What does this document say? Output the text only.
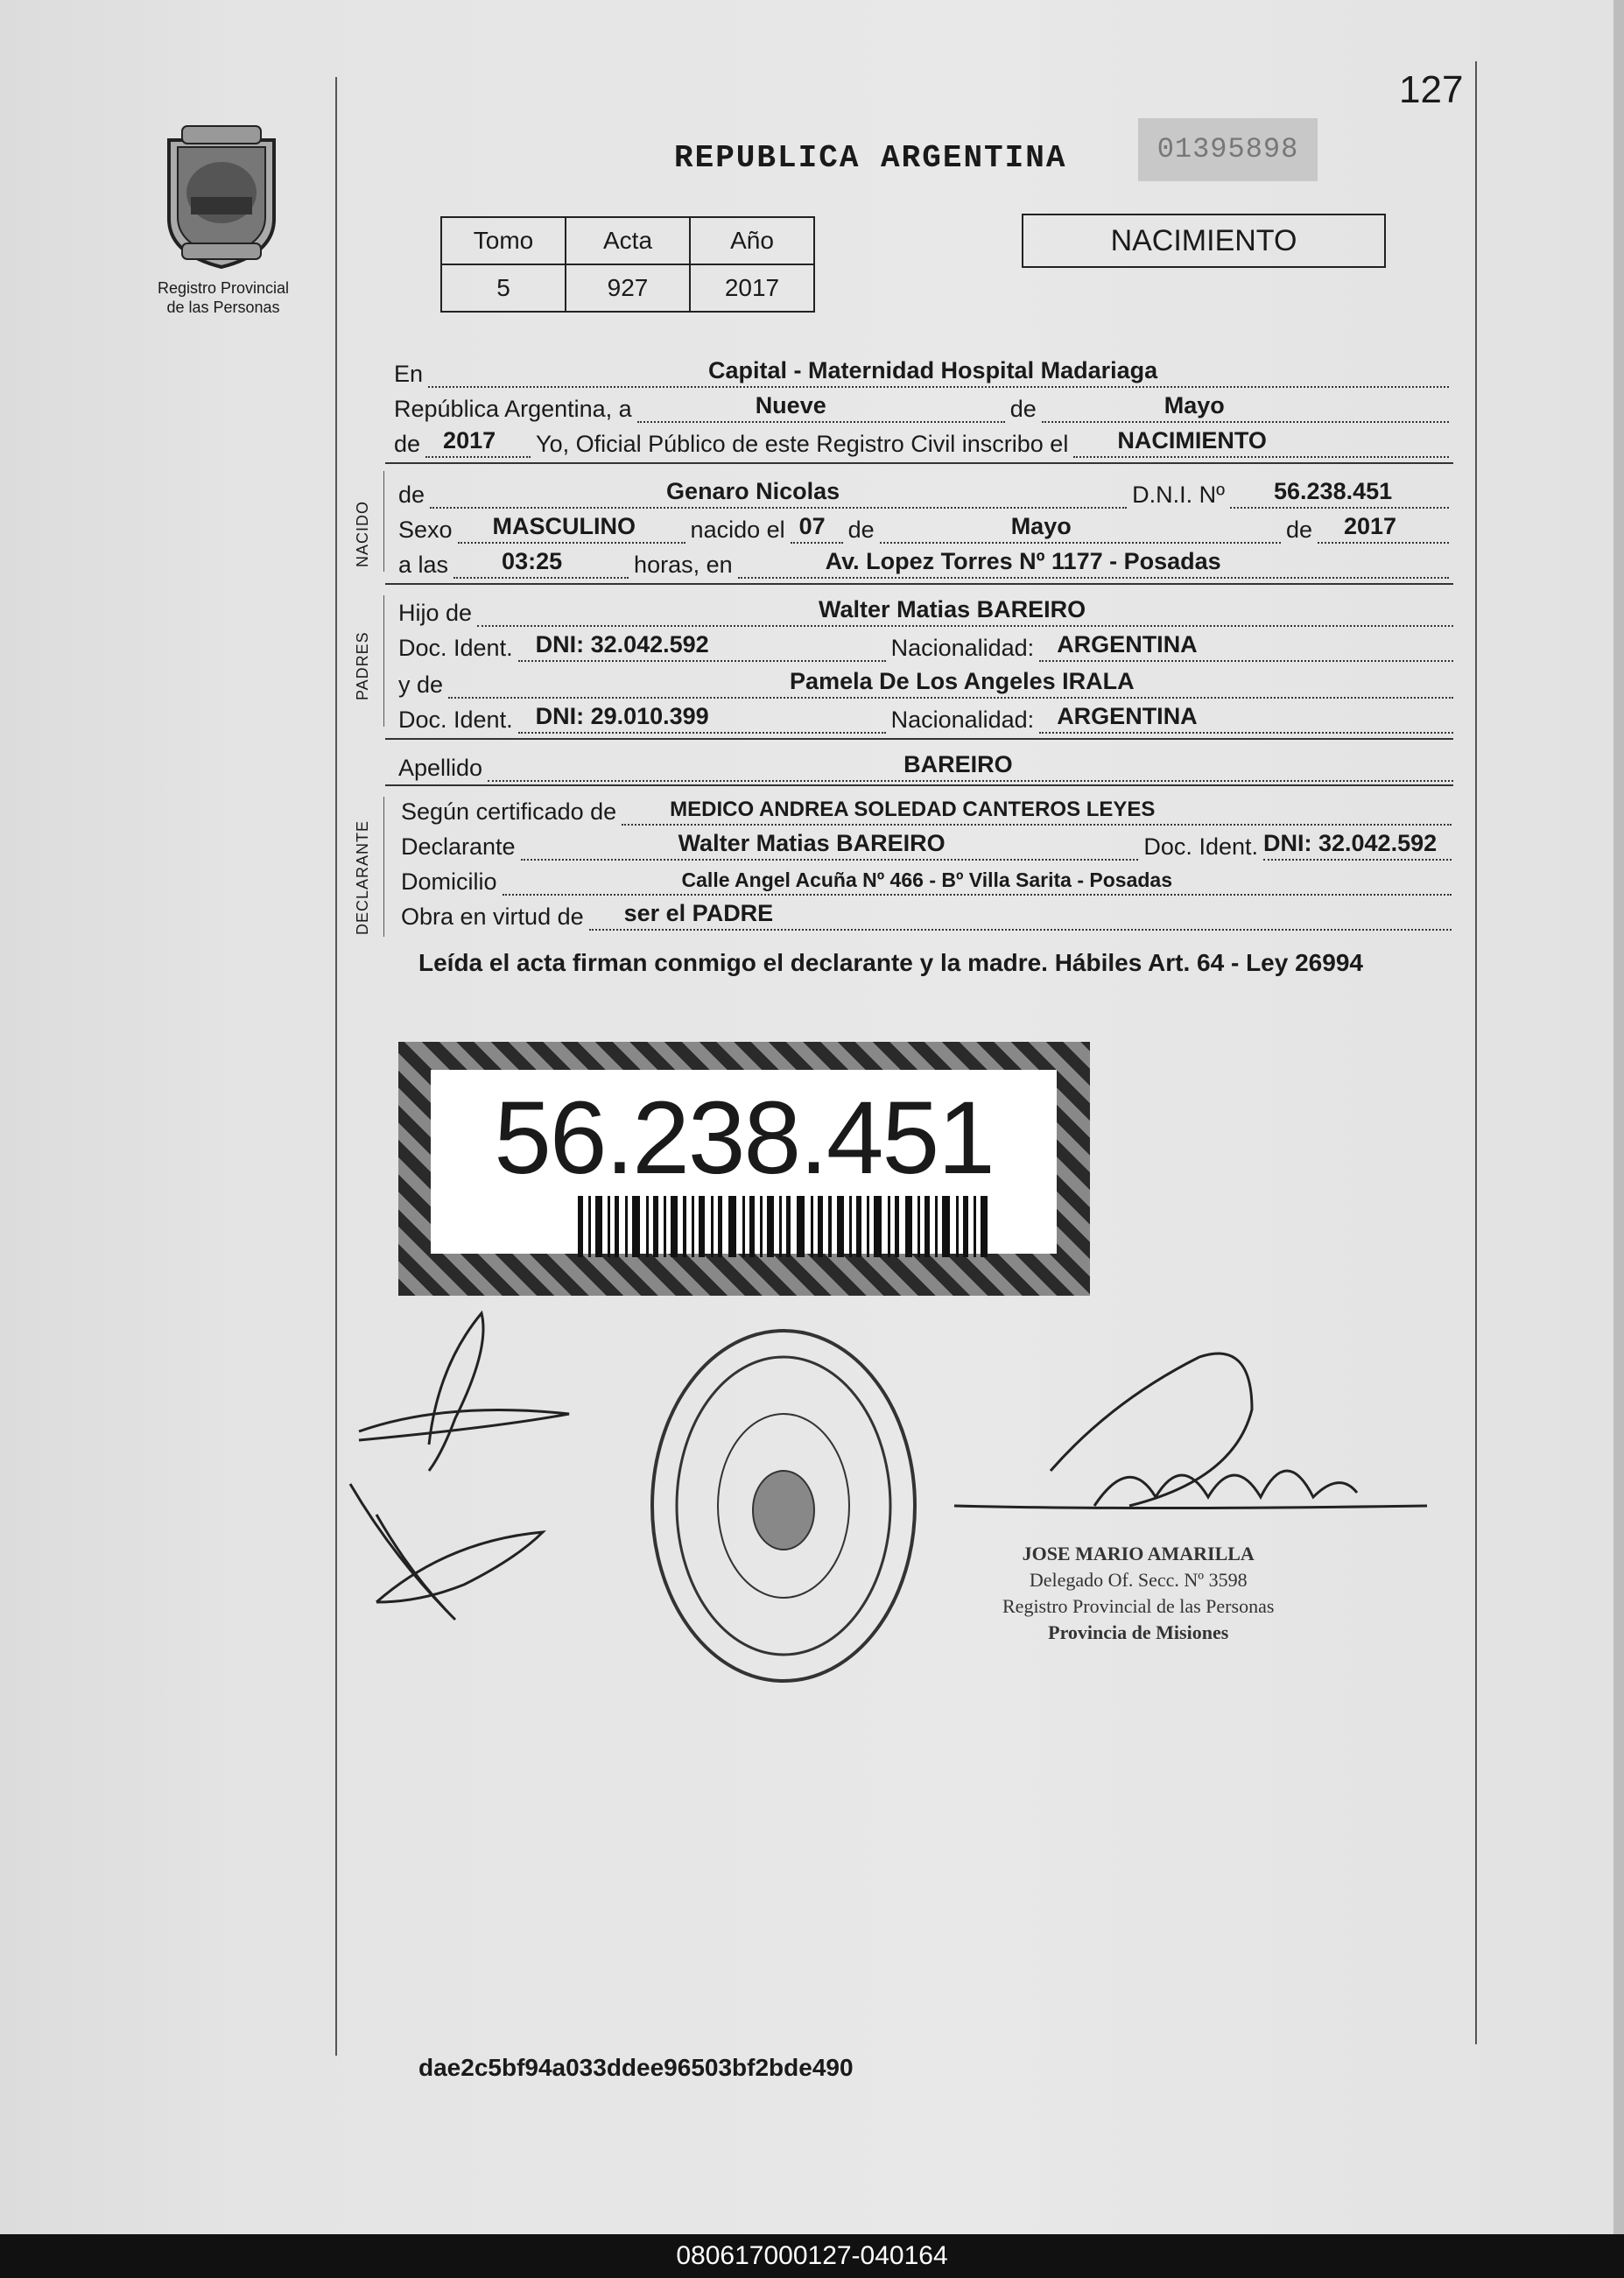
127
Registro Provincial
de las Personas
REPUBLICA ARGENTINA	01395898
Tomo	Acta	Año
5	927	2017
NACIMIENTO
En	Capital - Maternidad Hospital Madariaga
República Argentina, a	Nueve	de	Mayo
de 2017 Yo, Oficial Público de este Registro Civil inscribo el NACIMIENTO
NACIDO
de	Genaro Nicolas	D.N.I. Nº 56.238.451
Sexo MASCULINO nacido el 07 de	Mayo	de 2017
a las 03:25	horas, en	Av. Lopez Torres Nº 1177 - Posadas
PADRES
Hijo de	Walter Matias BAREIRO
Doc. Ident. DNI: 32.042.592	Nacionalidad: ARGENTINA
y de	Pamela De Los Angeles IRALA
Doc. Ident. DNI: 29.010.399	Nacionalidad: ARGENTINA
Apellido	BAREIRO
DECLARANTE
Según certificado de	MEDICO ANDREA SOLEDAD CANTEROS LEYES
Declarante	Walter Matias BAREIRO	Doc. Ident. DNI: 32.042.592
Domicilio	Calle Angel Acuña Nº 466 - Bº Villa Sarita - Posadas
Obra en virtud de ser el PADRE
Leída el acta firman conmigo el declarante y la madre. Hábiles Art. 64 - Ley 26994
56.238.451
JOSE MARIO AMARILLA
Delegado Of. Secc. Nº 3598
Registro Provincial de las Personas
Provincia de Misiones
dae2c5bf94a033ddee96503bf2bde490
080617000127-040164
